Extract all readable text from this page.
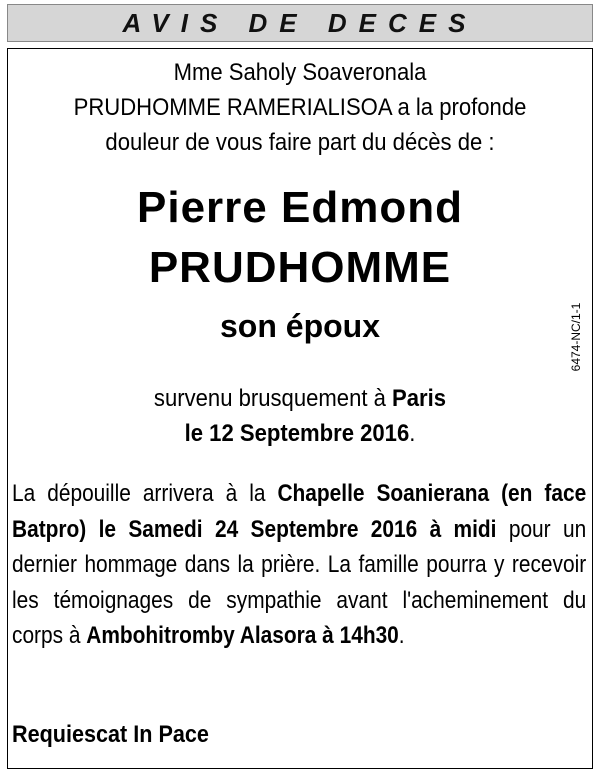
AVIS DE DECES
Mme Saholy Soaveronala
PRUDHOMME RAMERIALISOA a la profonde
douleur de vous faire part du décès de :
Pierre Edmond
PRUDHOMME
son époux
survenu brusquement à Paris
le 12 Septembre 2016.
La dépouille arrivera à la Chapelle Soanierana (en face Batpro) le Samedi 24 Septembre 2016 à midi pour un dernier hommage dans la prière. La famille pourra y recevoir les témoignages de sympathie avant l'acheminement du corps à Ambohitromby Alasora à 14h30.
Requiescat In Pace
6474-NC/1-1
